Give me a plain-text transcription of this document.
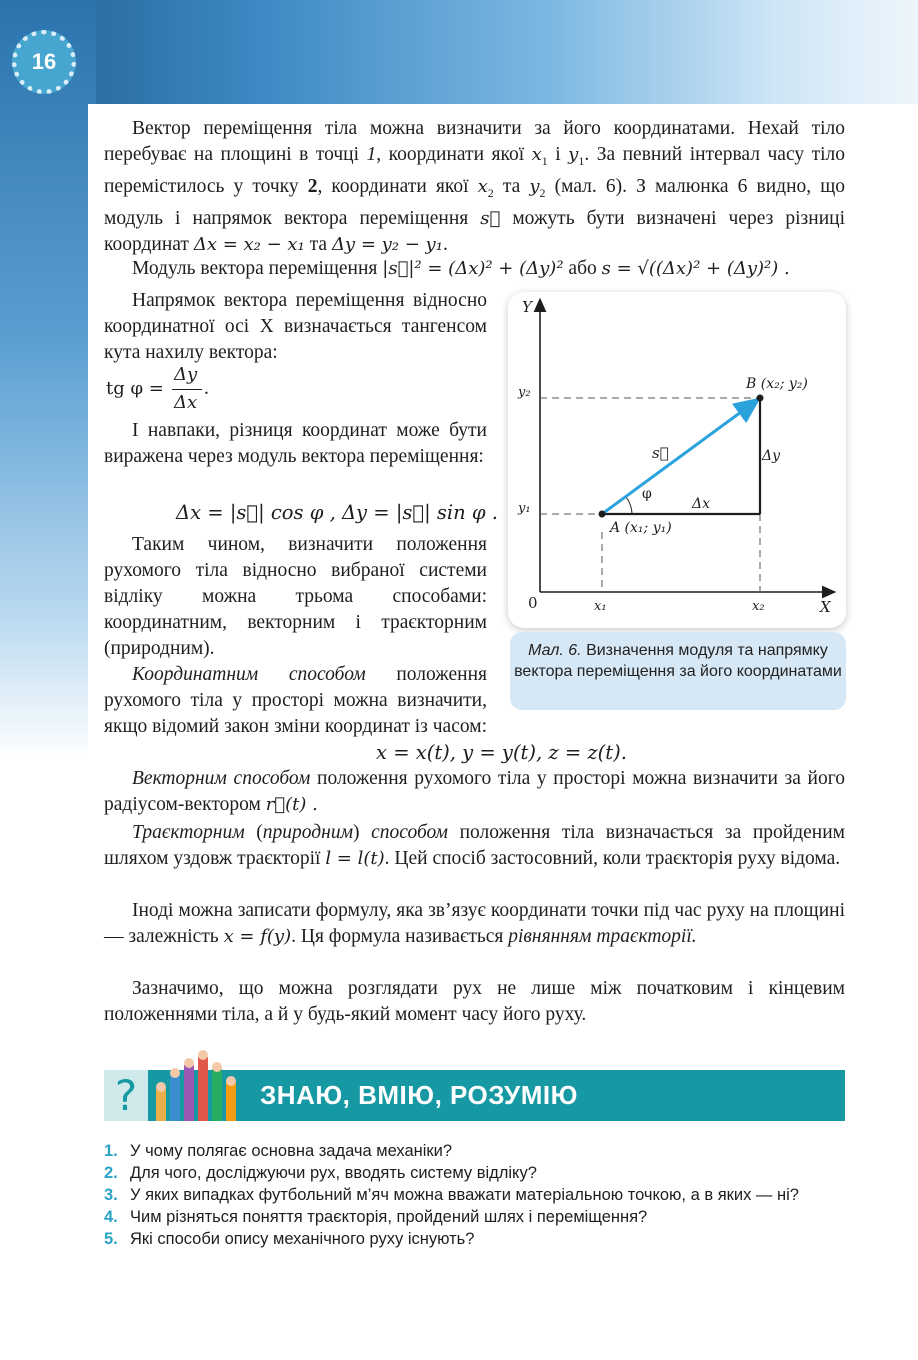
16
Вектор переміщення тіла можна визначити за його координатами. Нехай тіло перебуває на площині в точці 1, координати якої $x_1$ і $y_1$. За певний інтервал часу тіло перемістилось у точку 2, координати якої $x_2$ та $y_2$ (мал. 6). З малюнка 6 видно, що модуль і напрямок вектора переміщення s⃗ можуть бути визначені через різниці координат Δx = x₂ − x₁ та Δy = y₂ − y₁.
Модуль вектора переміщення |s⃗|² = (Δx)² + (Δy)² або s = √((Δx)² + (Δy)²) .
Напрямок вектора переміщення відносно координатної осі X визначається тангенсом кута нахилу вектора:
tg φ =
Δy
Δx
.
І навпаки, різниця координат може бути виражена через модуль вектора переміщення:
Δx = |s⃗| cos φ , Δy = |s⃗| sin φ .
Таким чином, визначити положення рухомого тіла відносно вибраної системи відліку можна трьома способами: координатним, векторним і траєкторним (природним).
Координатним способом положення рухомого тіла у просторі можна визначити, якщо відомий закон зміни координат із часом:
x = x(t), y = y(t), z = z(t).
Y
X
0
y₂
y₁
x₁	x₂
B (x₂; y₂)
A (x₁; y₁)
s⃗
φ
Δx
Δy
Мал. 6. Визначення модуля та напрямку вектора переміщення за його координатами
Векторним способом положення рухомого тіла у просторі можна визначити за його радіусом-вектором r⃗(t) .
Траєкторним (природним) способом положення тіла визначається за пройденим шляхом уздовж траєкторії l = l(t). Цей спосіб застосовний, коли траєкторія руху відома.
Іноді можна записати формулу, яка зв’язує координати точки під час руху на площині — залежність x = f(y). Ця формула називається рівнянням траєкторії.
Зазначимо, що можна розглядати рух не лише між початковим і кінцевим положеннями тіла, а й у будь-який момент часу його руху.
?	ЗНАЮ, ВМІЮ, РОЗУМІЮ
1. У чому полягає основна задача механіки?
2. Для чого, досліджуючи рух, вводять систему відліку?
3. У яких випадках футбольний м’яч можна вважати матеріальною точкою, а в яких — ні?
4. Чим різняться поняття траєкторія, пройдений шлях і переміщення?
5. Які способи опису механічного руху існують?
